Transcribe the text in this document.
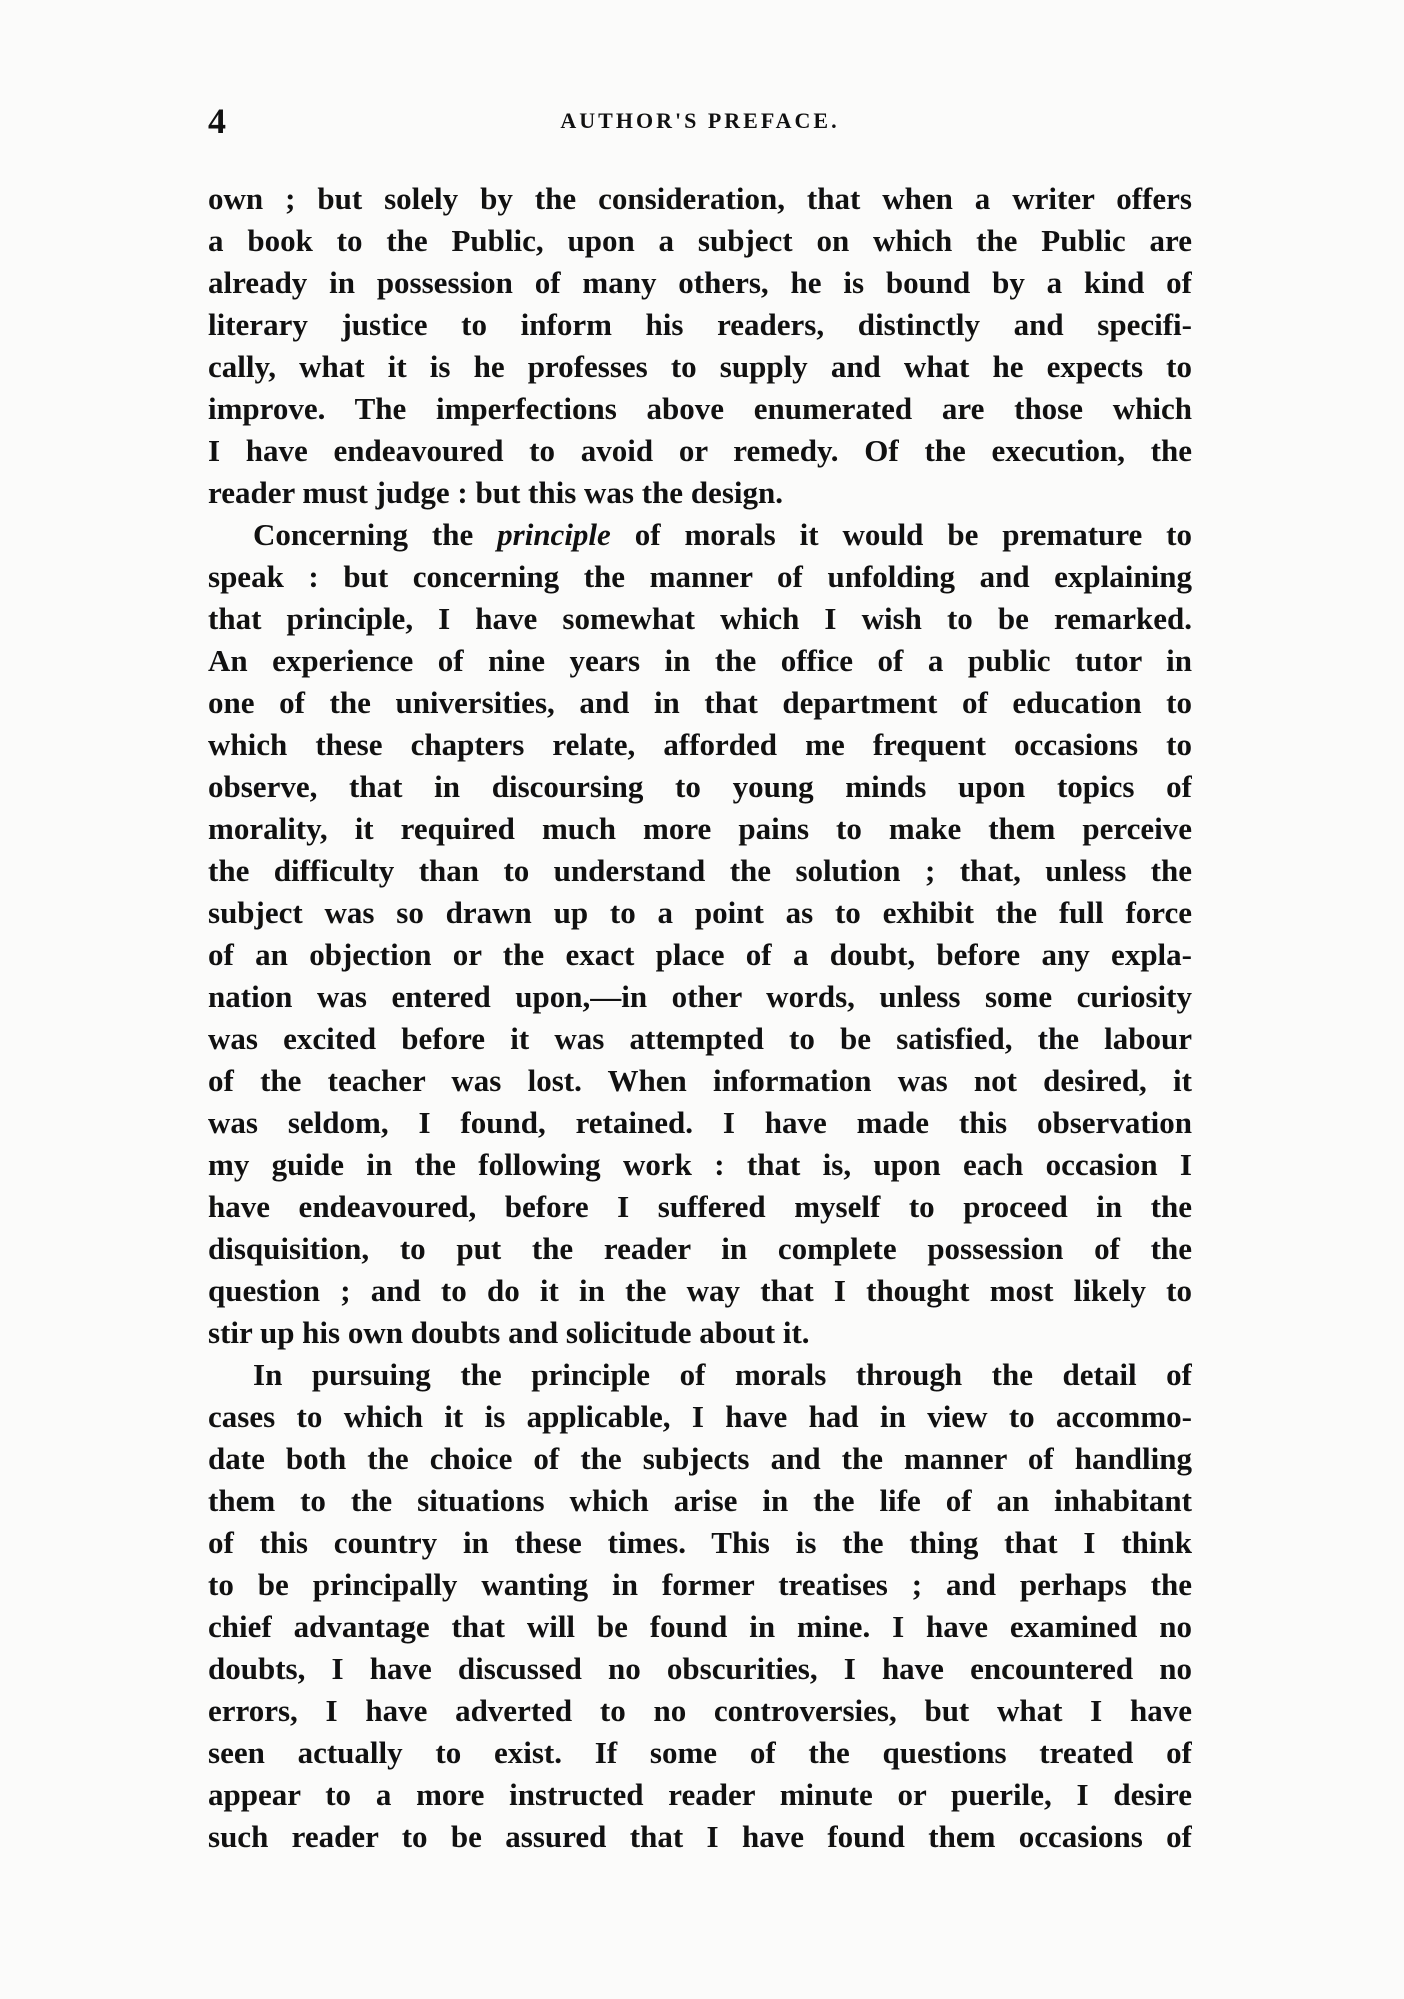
4	AUTHOR'S PREFACE.
own ; but solely by the consideration, that when a writer offers
a book to the Public, upon a subject on which the Public are
already in possession of many others, he is bound by a kind of
literary justice to inform his readers, distinctly and specifi-
cally, what it is he professes to supply and what he expects to
improve. The imperfections above enumerated are those which
I have endeavoured to avoid or remedy. Of the execution, the
reader must judge : but this was the design.
Concerning the principle of morals it would be premature to
speak : but concerning the manner of unfolding and explaining
that principle, I have somewhat which I wish to be remarked.
An experience of nine years in the office of a public tutor in
one of the universities, and in that department of education to
which these chapters relate, afforded me frequent occasions to
observe, that in discoursing to young minds upon topics of
morality, it required much more pains to make them perceive
the difficulty than to understand the solution ; that, unless the
subject was so drawn up to a point as to exhibit the full force
of an objection or the exact place of a doubt, before any expla-
nation was entered upon,—in other words, unless some curiosity
was excited before it was attempted to be satisfied, the labour
of the teacher was lost. When information was not desired, it
was seldom, I found, retained. I have made this observation
my guide in the following work : that is, upon each occasion I
have endeavoured, before I suffered myself to proceed in the
disquisition, to put the reader in complete possession of the
question ; and to do it in the way that I thought most likely to
stir up his own doubts and solicitude about it.
In pursuing the principle of morals through the detail of
cases to which it is applicable, I have had in view to accommo-
date both the choice of the subjects and the manner of handling
them to the situations which arise in the life of an inhabitant
of this country in these times. This is the thing that I think
to be principally wanting in former treatises ; and perhaps the
chief advantage that will be found in mine. I have examined no
doubts, I have discussed no obscurities, I have encountered no
errors, I have adverted to no controversies, but what I have
seen actually to exist. If some of the questions treated of
appear to a more instructed reader minute or puerile, I desire
such reader to be assured that I have found them occasions of
